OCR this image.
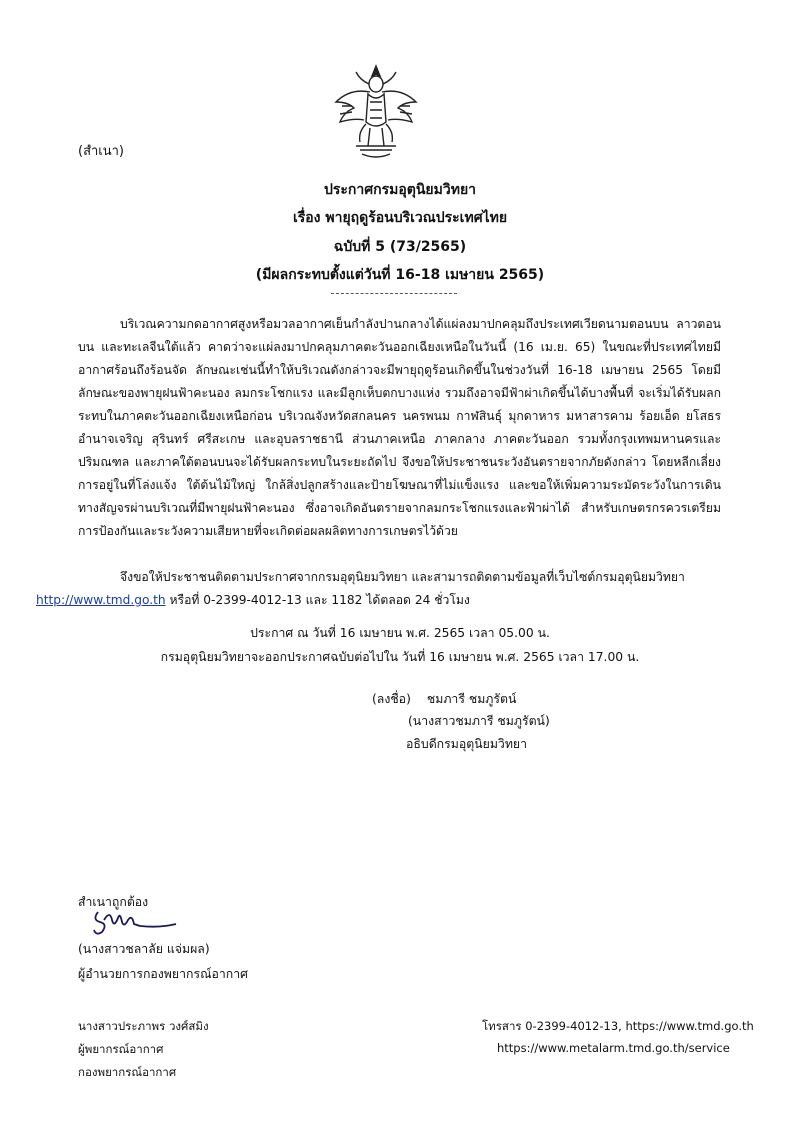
(สำเนา)
ประกาศกรมอุตุนิยมวิทยา
เรื่อง พายุฤดูร้อนบริเวณประเทศไทย
ฉบับที่ 5 (73/2565)
(มีผลกระทบตั้งแต่วันที่ 16-18 เมษายน 2565)

บริเวณความกดอากาศสูงหรือมวลอากาศเย็นกำลังปานกลางได้แผ่ลงมาปกคลุมถึงประเทศเวียดนามตอนบน ลาวตอนบน และทะเลจีนใต้แล้ว คาดว่าจะแผ่ลงมาปกคลุมภาคตะวันออกเฉียงเหนือในวันนี้ (16 เม.ย. 65) ในขณะที่ประเทศไทยมีอากาศร้อนถึงร้อนจัด ลักษณะเช่นนี้ทำให้บริเวณดังกล่าวจะมีพายุฤดูร้อนเกิดขึ้นในช่วงวันที่ 16-18 เมษายน 2565 โดยมีลักษณะของพายุฝนฟ้าคะนอง ลมกระโชกแรง และมีลูกเห็บตกบางแห่ง รวมถึงอาจมีฟ้าผ่าเกิดขึ้นได้บางพื้นที่ จะเริ่มได้รับผลกระทบในภาคตะวันออกเฉียงเหนือก่อน บริเวณจังหวัดสกลนคร นครพนม กาฬสินธุ์ มุกดาหาร มหาสารคาม ร้อยเอ็ด ยโสธร อำนาจเจริญ สุรินทร์ ศรีสะเกษ และอุบลราชธานี ส่วนภาคเหนือ ภาคกลาง ภาคตะวันออก รวมทั้งกรุงเทพมหานครและปริมณฑล และภาคใต้ตอนบนจะได้รับผลกระทบในระยะถัดไป จึงขอให้ประชาชนระวังอันตรายจากภัยดังกล่าว โดยหลีกเลี่ยงการอยู่ในที่โล่งแจ้ง ใต้ต้นไม้ใหญ่ ใกล้สิ่งปลูกสร้างและป้ายโฆษณาที่ไม่แข็งแรง และขอให้เพิ่มความระมัดระวังในการเดินทางสัญจรผ่านบริเวณที่มีพายุฝนฟ้าคะนอง ซึ่งอาจเกิดอันตรายจากลมกระโชกแรงและฟ้าผ่าได้ สำหรับเกษตรกรควรเตรียมการป้องกันและระวังความเสียหายที่จะเกิดต่อผลผลิตทางการเกษตรไว้ด้วย

จึงขอให้ประชาชนติดตามประกาศจากกรมอุตุนิยมวิทยา และสามารถติดตามข้อมูลที่เว็บไซต์กรมอุตุนิยมวิทยา
http://www.tmd.go.th หรือที่ 0-2399-4012-13 และ 1182 ได้ตลอด 24 ชั่วโมง

ประกาศ ณ วันที่ 16 เมษายน พ.ศ. 2565 เวลา 05.00 น.
กรมอุตุนิยมวิทยาจะออกประกาศฉบับต่อไปใน วันที่ 16 เมษายน พ.ศ. 2565 เวลา 17.00 น.
(ลงชื่อ) ชมภารี ชมภูรัตน์
(นางสาวชมภารี ชมภูรัตน์)
อธิบดีกรมอุตุนิยมวิทยา
สำเนาถูกต้อง
(นางสาวชลาลัย แจ่มผล)
ผู้อำนวยการกองพยากรณ์อากาศ
นางสาวประภาพร วงศ์สมิง
ผู้พยากรณ์อากาศ
กองพยากรณ์อากาศ
โทรสาร 0-2399-4012-13, https://www.tmd.go.th
https://www.metalarm.tmd.go.th/service
